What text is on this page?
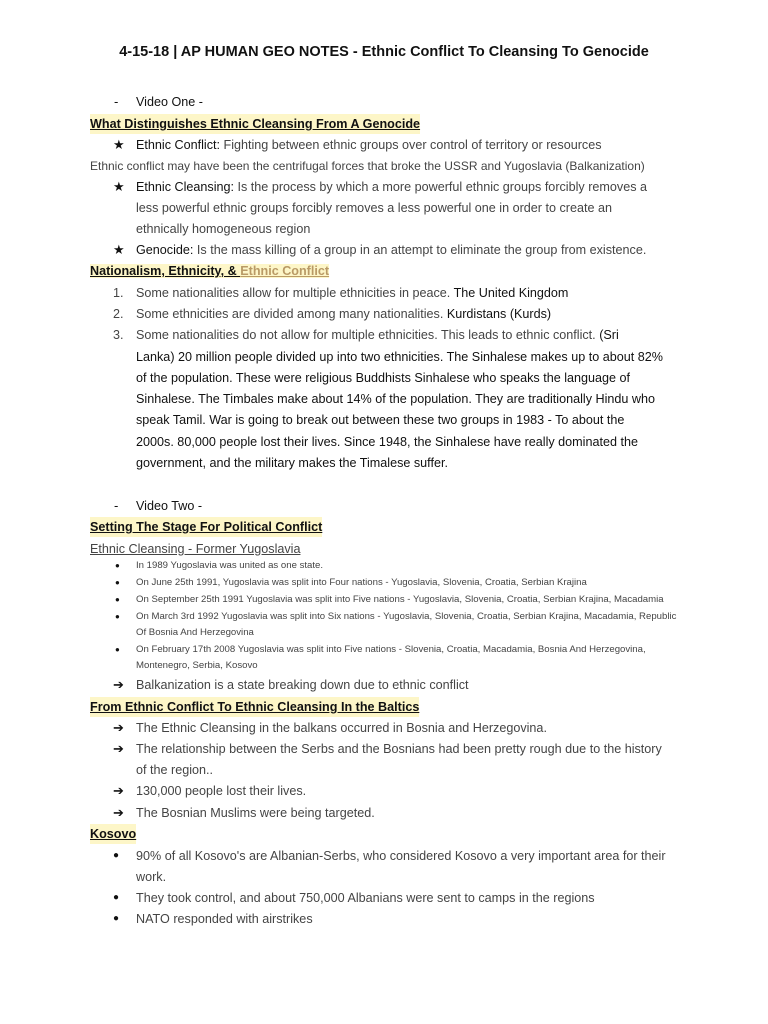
4-15-18 | AP HUMAN GEO NOTES - Ethnic Conflict To Cleansing To Genocide
- Video One -
What Distinguishes Ethnic Cleansing From A Genocide
★ Ethnic Conflict: Fighting between ethnic groups over control of territory or resources
Ethnic conflict may have been the centrifugal forces that broke the USSR and Yugoslavia (Balkanization)
★ Ethnic Cleansing: Is the process by which a more powerful ethnic groups forcibly removes a
less powerful ethnic groups forcibly removes a less powerful one in order to create an
ethnically homogeneous region
★ Genocide: Is the mass killing of a group in an attempt to eliminate the group from existence.
Nationalism, Ethnicity, & Ethnic Conflict
1. Some nationalities allow for multiple ethnicities in peace. The United Kingdom
2. Some ethnicities are divided among many nationalities. Kurdistans (Kurds)
3. Some nationalities do not allow for multiple ethnicities. This leads to ethnic conflict. (Sri
Lanka) 20 million people divided up into two ethnicities. The Sinhalese makes up to about 82%
of the population. These were religious Buddhists Sinhalese who speaks the language of
Sinhalese. The Timbales make about 14% of the population. They are traditionally Hindu who
speak Tamil. War is going to break out between these two groups in 1983 - To about the
2000s. 80,000 people lost their lives. Since 1948, the Sinhalese have really dominated the
government, and the military makes the Timalese suffer.
- Video Two -
Setting The Stage For Political Conflict
Ethnic Cleansing - Former Yugoslavia
● In 1989 Yugoslavia was united as one state.
● On June 25th 1991, Yugoslavia was split into Four nations - Yugoslavia, Slovenia, Croatia, Serbian Krajina
● On September 25th 1991 Yugoslavia was split into Five nations - Yugoslavia, Slovenia, Croatia, Serbian Krajina, Macadamia
● On March 3rd 1992 Yugoslavia was split into Six nations - Yugoslavia, Slovenia, Croatia, Serbian Krajina, Macadamia, Republic
Of Bosnia And Herzegovina
● On February 17th 2008 Yugoslavia was split into Five nations - Slovenia, Croatia, Macadamia, Bosnia And Herzegovina,
Montenegro, Serbia, Kosovo
➔ Balkanization is a state breaking down due to ethnic conflict
From Ethnic Conflict To Ethnic Cleansing In the Baltics
➔ The Ethnic Cleansing in the balkans occurred in Bosnia and Herzegovina.
➔ The relationship between the Serbs and the Bosnians had been pretty rough due to the history
of the region..
➔ 130,000 people lost their lives.
➔ The Bosnian Muslims were being targeted.
Kosovo
● 90% of all Kosovo's are Albanian-Serbs, who considered Kosovo a very important area for their
work.
● They took control, and about 750,000 Albanians were sent to camps in the regions
● NATO responded with airstrikes
